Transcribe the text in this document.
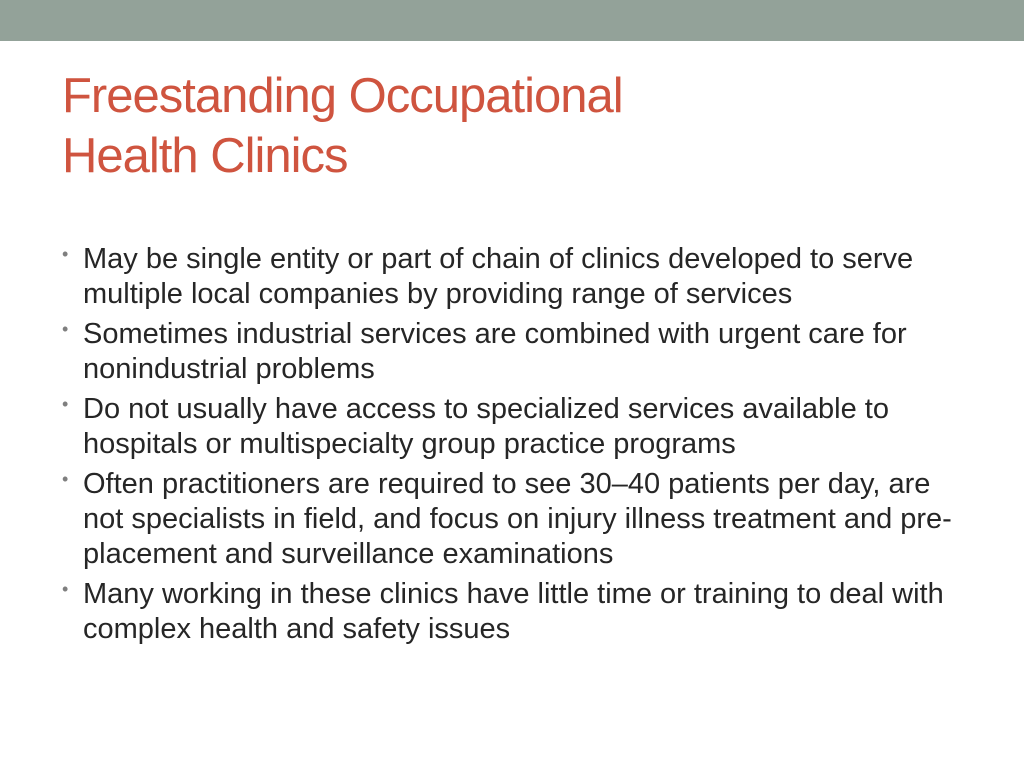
Freestanding Occupational
Health Clinics
• May be single entity or part of chain of clinics developed to serve multiple local companies by providing range of services
• Sometimes industrial services are combined with urgent care for nonindustrial problems
• Do not usually have access to specialized services available to hospitals or multispecialty group practice programs
• Often practitioners are required to see 30–40 patients per day, are not specialists in field, and focus on injury illness treatment and pre-placement and surveillance examinations
• Many working in these clinics have little time or training to deal with complex health and safety issues
